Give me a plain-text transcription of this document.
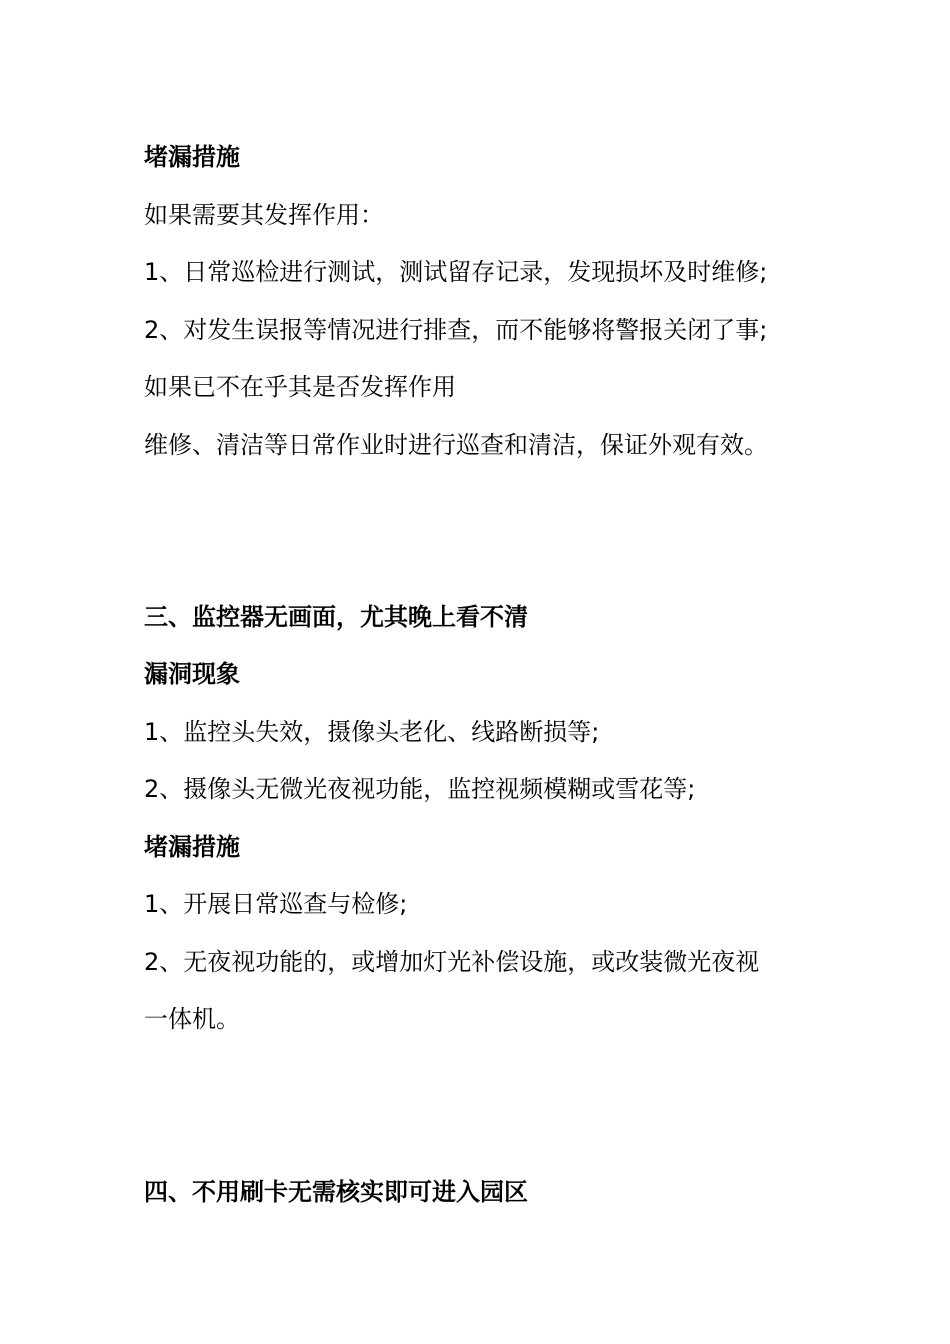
堵漏措施
如果需要其发挥作用：
1、日常巡检进行测试，测试留存记录，发现损坏及时维修;
2、对发生误报等情况进行排查，而不能够将警报关闭了事;
如果已不在乎其是否发挥作用
维修、清洁等日常作业时进行巡查和清洁，保证外观有效。
三、监控器无画面，尤其晚上看不清
漏洞现象
1、监控头失效，摄像头老化、线路断损等;
2、摄像头无微光夜视功能，监控视频模糊或雪花等;
堵漏措施
1、开展日常巡查与检修;
2、无夜视功能的，或增加灯光补偿设施，或改装微光夜视
一体机。
四、不用刷卡无需核实即可进入园区
